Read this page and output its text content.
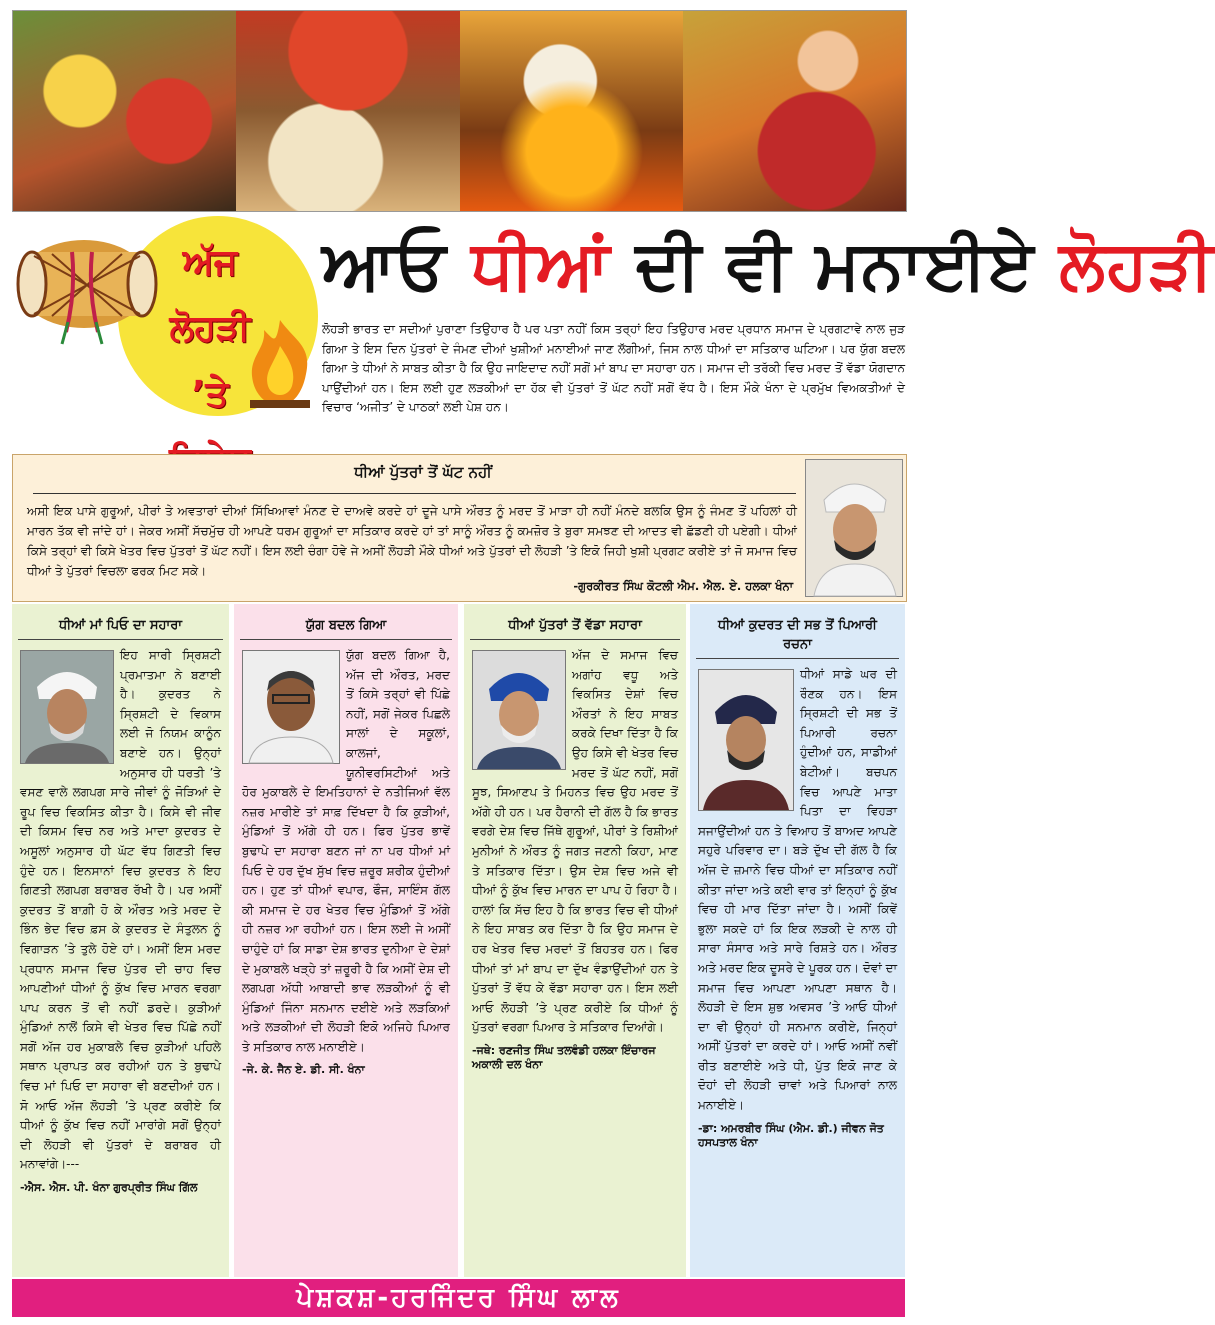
ਅੱਜ
ਲੋਹੜੀ
’ਤੇ
ਆਓ ਧੀਆਂ ਦੀ ਵੀ ਮਨਾਈਏ ਲੋਹੜੀ
ਲੋਹੜੀ ਭਾਰਤ ਦਾ ਸਦੀਆਂ ਪੁਰਾਣਾ ਤਿਉਹਾਰ ਹੈ ਪਰ ਪਤਾ ਨਹੀਂ ਕਿਸ ਤਰ੍ਹਾਂ ਇਹ ਤਿਉਹਾਰ ਮਰਦ ਪ੍ਰਧਾਨ ਸਮਾਜ ਦੇ ਪ੍ਰਗਟਾਵੇ ਨਾਲ ਜੁੜ ਗਿਆ ਤੇ ਇਸ ਦਿਨ ਪੁੱਤਰਾਂ ਦੇ ਜੰਮਣ ਦੀਆਂ ਖੁਸ਼ੀਆਂ ਮਨਾਈਆਂ ਜਾਣ ਲੱਗੀਆਂ, ਜਿਸ ਨਾਲ ਧੀਆਂ ਦਾ ਸਤਿਕਾਰ ਘਟਿਆ। ਪਰ ਯੁੱਗ ਬਦਲ ਗਿਆ ਤੇ ਧੀਆਂ ਨੇ ਸਾਬਤ ਕੀਤਾ ਹੈ ਕਿ ਉਹ ਜਾਇਦਾਦ ਨਹੀਂ ਸਗੋਂ ਮਾਂ ਬਾਪ ਦਾ ਸਹਾਰਾ ਹਨ। ਸਮਾਜ ਦੀ ਤਰੱਕੀ ਵਿਚ ਮਰਦ ਤੋਂ ਵੱਡਾ ਯੋਗਦਾਨ ਪਾਉਂਦੀਆਂ ਹਨ। ਇਸ ਲਈ ਹੁਣ ਲੜਕੀਆਂ ਦਾ ਹੱਕ ਵੀ ਪੁੱਤਰਾਂ ਤੋਂ ਘੱਟ ਨਹੀਂ ਸਗੋਂ ਵੱਧ ਹੈ। ਇਸ ਮੌਕੇ ਖੰਨਾ ਦੇ ਪ੍ਰਮੁੱਖ ਵਿਅਕਤੀਆਂ ਦੇ ਵਿਚਾਰ ‘ਅਜੀਤ’ ਦੇ ਪਾਠਕਾਂ ਲਈ ਪੇਸ਼ ਹਨ।
ਧੀਆਂ ਪੁੱਤਰਾਂ ਤੋਂ ਘੱਟ ਨਹੀਂ
ਅਸੀ ਇਕ ਪਾਸੇ ਗੁਰੂਆਂ, ਪੀਰਾਂ ਤੇ ਅਵਤਾਰਾਂ ਦੀਆਂ ਸਿੱਖਿਆਵਾਂ ਮੰਨਣ ਦੇ ਦਾਅਵੇ ਕਰਦੇ ਹਾਂ ਦੂਜੇ ਪਾਸੇ ਔਰਤ ਨੂੰ ਮਰਦ ਤੋਂ ਮਾੜਾ ਹੀ ਨਹੀਂ ਮੰਨਦੇ ਬਲਕਿ ਉਸ ਨੂੰ ਜੰਮਣ ਤੋਂ ਪਹਿਲਾਂ ਹੀ ਮਾਰਨ ਤੱਕ ਵੀ ਜਾਂਦੇ ਹਾਂ। ਜੇਕਰ ਅਸੀਂ ਸੱਚਮੁੱਚ ਹੀ ਆਪਣੇ ਧਰਮ ਗੁਰੂਆਂ ਦਾ ਸਤਿਕਾਰ ਕਰਦੇ ਹਾਂ ਤਾਂ ਸਾਨੂੰ ਔਰਤ ਨੂੰ ਕਮਜ਼ੋਰ ਤੇ ਬੁਰਾ ਸਮਝਣ ਦੀ ਆਦਤ ਵੀ ਛੱਡਣੀ ਹੀ ਪਏਗੀ। ਧੀਆਂ ਕਿਸੇ ਤਰ੍ਹਾਂ ਵੀ ਕਿਸੇ ਖੇਤਰ ਵਿਚ ਪੁੱਤਰਾਂ ਤੋਂ ਘੱਟ ਨਹੀਂ। ਇਸ ਲਈ ਚੰਗਾ ਹੋਵੇ ਜੇ ਅਸੀਂ ਲੋਹੜੀ ਮੌਕੇ ਧੀਆਂ ਅਤੇ ਪੁੱਤਰਾਂ ਦੀ ਲੋਹੜੀ ’ਤੇ ਇਕੋ ਜਿਹੀ ਖੁਸ਼ੀ ਪ੍ਰਗਟ ਕਰੀਏ ਤਾਂ ਜੋ ਸਮਾਜ ਵਿਚ ਧੀਆਂ ਤੇ ਪੁੱਤਰਾਂ ਵਿਚਲਾ ਫਰਕ ਮਿਟ ਸਕੇ।
-ਗੁਰਕੀਰਤ ਸਿੰਘ ਕੋਟਲੀ ਐਮ. ਐਲ. ਏ. ਹਲਕਾ ਖੰਨਾ
ਧੀਆਂ ਮਾਂ ਪਿਓ ਦਾ ਸਹਾਰਾ
ਇਹ ਸਾਰੀ ਸ੍ਰਿਸ਼ਟੀ ਪ੍ਰਮਾਤਮਾ ਨੇ ਬਣਾਈ ਹੈ। ਕੁਦਰਤ ਨੇ ਸ੍ਰਿਸ਼ਟੀ ਦੇ ਵਿਕਾਸ ਲਈ ਜੋ ਨਿਯਮ ਕਾਨੂੰਨ ਬਣਾਏ ਹਨ। ਉਨ੍ਹਾਂ ਅਨੁਸਾਰ ਹੀ ਧਰਤੀ ’ਤੇ ਵਸਣ ਵਾਲੇ ਲਗਪਗ ਸਾਰੇ ਜੀਵਾਂ ਨੂੰ ਜੋੜਿਆਂ ਦੇ ਰੂਪ ਵਿਚ ਵਿਕਸਿਤ ਕੀਤਾ ਹੈ। ਕਿਸੇ ਵੀ ਜੀਵ ਦੀ ਕਿਸਮ ਵਿਚ ਨਰ ਅਤੇ ਮਾਦਾ ਕੁਦਰਤ ਦੇ ਅਸੂਲਾਂ ਅਨੁਸਾਰ ਹੀ ਘੱਟ ਵੱਧ ਗਿਣਤੀ ਵਿਚ ਹੁੰਦੇ ਹਨ। ਇਨਸਾਨਾਂ ਵਿਚ ਕੁਦਰਤ ਨੇ ਇਹ ਗਿਣਤੀ ਲਗਪਗ ਬਰਾਬਰ ਰੱਖੀ ਹੈ। ਪਰ ਅਸੀਂ ਕੁਦਰਤ ਤੋਂ ਬਾਗ਼ੀ ਹੋ ਕੇ ਔਰਤ ਅਤੇ ਮਰਦ ਦੇ ਭਿੰਨ ਭੇਦ ਵਿਚ ਫ਼ਸ ਕੇ ਕੁਦਰਤ ਦੇ ਸੰਤੁਲਨ ਨੂੰ ਵਿਗਾੜਨ ’ਤੇ ਤੁਲੇ ਹੋਏ ਹਾਂ। ਅਸੀਂ ਇਸ ਮਰਦ ਪ੍ਰਧਾਨ ਸਮਾਜ ਵਿਚ ਪੁੱਤਰ ਦੀ ਚਾਹ ਵਿਚ ਆਪਣੀਆਂ ਧੀਆਂ ਨੂੰ ਕੁੱਖ ਵਿਚ ਮਾਰਨ ਵਰਗਾ ਪਾਪ ਕਰਨ ਤੋਂ ਵੀ ਨਹੀਂ ਡਰਦੇ। ਕੁੜੀਆਂ ਮੁੰਡਿਆਂ ਨਾਲੋਂ ਕਿਸੇ ਵੀ ਖੇਤਰ ਵਿਚ ਪਿੱਛੇ ਨਹੀਂ ਸਗੋਂ ਅੱਜ ਹਰ ਮੁਕਾਬਲੇ ਵਿਚ ਕੁੜੀਆਂ ਪਹਿਲੇ ਸਥਾਨ ਪ੍ਰਾਪਤ ਕਰ ਰਹੀਆਂ ਹਨ ਤੇ ਬੁਢਾਪੇ ਵਿਚ ਮਾਂ ਪਿਓ ਦਾ ਸਹਾਰਾ ਵੀ ਬਣਦੀਆਂ ਹਨ। ਸੋ ਆਓ ਅੱਜ ਲੋਹੜੀ ’ਤੇ ਪ੍ਰਣ ਕਰੀਏ ਕਿ ਧੀਆਂ ਨੂੰ ਕੁੱਖ ਵਿਚ ਨਹੀਂ ਮਾਰਾਂਗੇ ਸਗੋਂ ਉਨ੍ਹਾਂ ਦੀ ਲੋਹੜੀ ਵੀ ਪੁੱਤਰਾਂ ਦੇ ਬਰਾਬਰ ਹੀ ਮਨਾਵਾਂਗੇ।---
-ਐਸ. ਐਸ. ਪੀ. ਖੰਨਾ ਗੁਰਪ੍ਰੀਤ ਸਿੰਘ ਗਿੱਲ
ਯੁੱਗ ਬਦਲ ਗਿਆ
ਯੁੱਗ ਬਦਲ ਗਿਆ ਹੈ, ਅੱਜ ਦੀ ਔਰਤ, ਮਰਦ ਤੋਂ ਕਿਸੇ ਤਰ੍ਹਾਂ ਵੀ ਪਿੱਛੇ ਨਹੀਂ, ਸਗੋਂ ਜੇਕਰ ਪਿਛਲੇ ਸਾਲਾਂ ਦੇ ਸਕੂਲਾਂ, ਕਾਲਜਾਂ, ਯੂਨੀਵਰਸਿਟੀਆਂ ਅਤੇ ਹੋਰ ਮੁਕਾਬਲੇ ਦੇ ਇਮਤਿਹਾਨਾਂ ਦੇ ਨਤੀਜਿਆਂ ਵੱਲ ਨਜ਼ਰ ਮਾਰੀਏ ਤਾਂ ਸਾਫ਼ ਦਿੱਖਦਾ ਹੈ ਕਿ ਕੁੜੀਆਂ, ਮੁੰਡਿਆਂ ਤੋਂ ਅੱਗੇ ਹੀ ਹਨ। ਫਿਰ ਪੁੱਤਰ ਭਾਵੇਂ ਬੁਢਾਪੇ ਦਾ ਸਹਾਰਾ ਬਣਨ ਜਾਂ ਨਾ ਪਰ ਧੀਆਂ ਮਾਂ ਪਿਓ ਦੇ ਹਰ ਦੁੱਖ ਸੁੱਖ ਵਿਚ ਜ਼ਰੂਰ ਸ਼ਰੀਕ ਹੁੰਦੀਆਂ ਹਨ। ਹੁਣ ਤਾਂ ਧੀਆਂ ਵਪਾਰ, ਫੌਜ, ਸਾਇੰਸ ਗੱਲ ਕੀ ਸਮਾਜ ਦੇ ਹਰ ਖੇਤਰ ਵਿਚ ਮੁੰਡਿਆਂ ਤੋਂ ਅੱਗੇ ਹੀ ਨਜ਼ਰ ਆ ਰਹੀਆਂ ਹਨ। ਇਸ ਲਈ ਜੇ ਅਸੀਂ ਚਾਹੁੰਦੇ ਹਾਂ ਕਿ ਸਾਡਾ ਦੇਸ਼ ਭਾਰਤ ਦੁਨੀਆ ਦੇ ਦੇਸ਼ਾਂ ਦੇ ਮੁਕਾਬਲੇ ਖੜ੍ਹੇ ਤਾਂ ਜ਼ਰੂਰੀ ਹੈ ਕਿ ਅਸੀਂ ਦੇਸ਼ ਦੀ ਲਗਪਗ ਅੱਧੀ ਆਬਾਦੀ ਭਾਵ ਲੜਕੀਆਂ ਨੂੰ ਵੀ ਮੁੰਡਿਆਂ ਜਿੰਨਾ ਸਨਮਾਨ ਦਈਏ ਅਤੇ ਲੜਕਿਆਂ ਅਤੇ ਲੜਕੀਆਂ ਦੀ ਲੋਹੜੀ ਇਕੋ ਅਜਿਹੇ ਪਿਆਰ ਤੇ ਸਤਿਕਾਰ ਨਾਲ ਮਨਾਈਏ।
-ਜੇ. ਕੇ. ਜੈਨ ਏ. ਡੀ. ਸੀ. ਖੰਨਾ
ਧੀਆਂ ਪੁੱਤਰਾਂ ਤੋਂ ਵੱਡਾ ਸਹਾਰਾ
ਅੱਜ ਦੇ ਸਮਾਜ ਵਿਚ ਅਗਾਂਹ ਵਧੂ ਅਤੇ ਵਿਕਸਿਤ ਦੇਸ਼ਾਂ ਵਿਚ ਔਰਤਾਂ ਨੇ ਇਹ ਸਾਬਤ ਕਰਕੇ ਦਿਖਾ ਦਿੱਤਾ ਹੈ ਕਿ ਉਹ ਕਿਸੇ ਵੀ ਖੇਤਰ ਵਿਚ ਮਰਦ ਤੋਂ ਘੱਟ ਨਹੀਂ, ਸਗੋਂ ਸੂਝ, ਸਿਆਣਪ ਤੇ ਮਿਹਨਤ ਵਿਚ ਉਹ ਮਰਦ ਤੋਂ ਅੱਗੇ ਹੀ ਹਨ। ਪਰ ਹੈਰਾਨੀ ਦੀ ਗੱਲ ਹੈ ਕਿ ਭਾਰਤ ਵਰਗੇ ਦੇਸ਼ ਵਿਚ ਜਿੱਥੇ ਗੁਰੂਆਂ, ਪੀਰਾਂ ਤੇ ਰਿਸ਼ੀਆਂ ਮੁਨੀਆਂ ਨੇ ਔਰਤ ਨੂੰ ਜਗਤ ਜਣਨੀ ਕਿਹਾ, ਮਾਣ ਤੇ ਸਤਿਕਾਰ ਦਿੱਤਾ। ਉਸ ਦੇਸ਼ ਵਿਚ ਅਜੇ ਵੀ ਧੀਆਂ ਨੂੰ ਕੁੱਖ ਵਿਚ ਮਾਰਨ ਦਾ ਪਾਪ ਹੋ ਰਿਹਾ ਹੈ। ਹਾਲਾਂ ਕਿ ਸੱਚ ਇਹ ਹੈ ਕਿ ਭਾਰਤ ਵਿਚ ਵੀ ਧੀਆਂ ਨੇ ਇਹ ਸਾਬਤ ਕਰ ਦਿੱਤਾ ਹੈ ਕਿ ਉਹ ਸਮਾਜ ਦੇ ਹਰ ਖੇਤਰ ਵਿਚ ਮਰਦਾਂ ਤੋਂ ਬਿਹਤਰ ਹਨ। ਫਿਰ ਧੀਆਂ ਤਾਂ ਮਾਂ ਬਾਪ ਦਾ ਦੁੱਖ ਵੰਡਾਉਂਦੀਆਂ ਹਨ ਤੇ ਪੁੱਤਰਾਂ ਤੋਂ ਵੱਧ ਕੇ ਵੱਡਾ ਸਹਾਰਾ ਹਨ। ਇਸ ਲਈ ਆਓ ਲੋਹੜੀ ’ਤੇ ਪ੍ਰਣ ਕਰੀਏ ਕਿ ਧੀਆਂ ਨੂੰ ਪੁੱਤਰਾਂ ਵਰਗਾ ਪਿਆਰ ਤੇ ਸਤਿਕਾਰ ਦਿਆਂਗੇ।
-ਜਥੇ: ਰਣਜੀਤ ਸਿੰਘ ਤਲਵੰਡੀ ਹਲਕਾ ਇੰਚਾਰਜ ਅਕਾਲੀ ਦਲ ਖੰਨਾ
ਧੀਆਂ ਕੁਦਰਤ ਦੀ ਸਭ ਤੋਂ ਪਿਆਰੀ ਰਚਨਾ
ਧੀਆਂ ਸਾਡੇ ਘਰ ਦੀ ਰੌਣਕ ਹਨ। ਇਸ ਸ੍ਰਿਸ਼ਟੀ ਦੀ ਸਭ ਤੋਂ ਪਿਆਰੀ ਰਚਨਾ ਹੁੰਦੀਆਂ ਹਨ, ਸਾਡੀਆਂ ਬੇਟੀਆਂ। ਬਚਪਨ ਵਿਚ ਆਪਣੇ ਮਾਤਾ ਪਿਤਾ ਦਾ ਵਿਹੜਾ ਸਜਾਉਂਦੀਆਂ ਹਨ ਤੇ ਵਿਆਹ ਤੋਂ ਬਾਅਦ ਆਪਣੇ ਸਹੁਰੇ ਪਰਿਵਾਰ ਦਾ। ਬੜੇ ਦੁੱਖ ਦੀ ਗੱਲ ਹੈ ਕਿ ਅੱਜ ਦੇ ਜ਼ਮਾਨੇ ਵਿਚ ਧੀਆਂ ਦਾ ਸਤਿਕਾਰ ਨਹੀਂ ਕੀਤਾ ਜਾਂਦਾ ਅਤੇ ਕਈ ਵਾਰ ਤਾਂ ਇਨ੍ਹਾਂ ਨੂੰ ਕੁੱਖ ਵਿਚ ਹੀ ਮਾਰ ਦਿੱਤਾ ਜਾਂਦਾ ਹੈ। ਅਸੀਂ ਕਿਵੇਂ ਭੁਲਾ ਸਕਦੇ ਹਾਂ ਕਿ ਇਕ ਲੜਕੀ ਦੇ ਨਾਲ ਹੀ ਸਾਰਾ ਸੰਸਾਰ ਅਤੇ ਸਾਰੇ ਰਿਸ਼ਤੇ ਹਨ। ਔਰਤ ਅਤੇ ਮਰਦ ਇਕ ਦੂਸਰੇ ਦੇ ਪੂਰਕ ਹਨ। ਦੋਵਾਂ ਦਾ ਸਮਾਜ ਵਿਚ ਆਪਣਾ ਆਪਣਾ ਸਥਾਨ ਹੈ। ਲੋਹੜੀ ਦੇ ਇਸ ਸ਼ੁਭ ਅਵਸਰ ’ਤੇ ਆਓ ਧੀਆਂ ਦਾ ਵੀ ਉਨ੍ਹਾਂ ਹੀ ਸਨਮਾਨ ਕਰੀਏ, ਜਿਨ੍ਹਾਂ ਅਸੀਂ ਪੁੱਤਰਾਂ ਦਾ ਕਰਦੇ ਹਾਂ। ਆਓ ਅਸੀਂ ਨਵੀਂ ਰੀਤ ਬਣਾਈਏ ਅਤੇ ਧੀ, ਪੁੱਤ ਇਕੋ ਜਾਣ ਕੇ ਦੋਹਾਂ ਦੀ ਲੋਹੜੀ ਚਾਵਾਂ ਅਤੇ ਪਿਆਰਾਂ ਨਾਲ ਮਨਾਈਏ।
-ਡਾ: ਅਮਰਬੀਰ ਸਿੰਘ (ਐਮ. ਡੀ.) ਜੀਵਨ ਜੋਤ ਹਸਪਤਾਲ ਖੰਨਾ
ਪੇਸ਼ਕਸ਼-ਹਰਜਿੰਦਰ ਸਿੰਘ ਲਾਲ
